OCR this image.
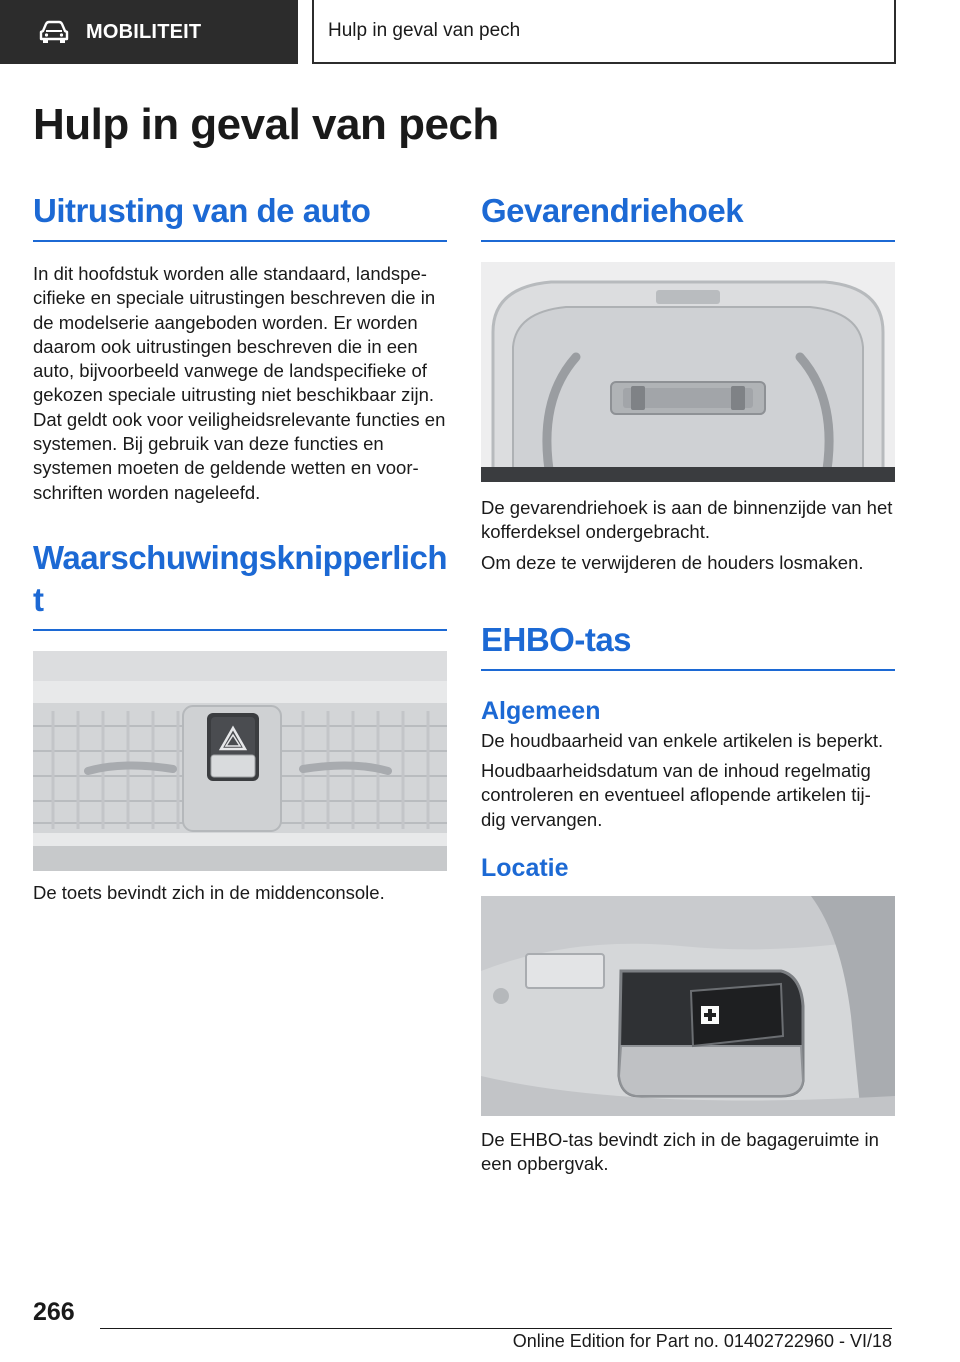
MOBILITEIT	Hulp in geval van pech
Hulp in geval van pech
Uitrusting van de auto

In dit hoofdstuk worden alle standaard, landspe-cifieke en speciale uitrustingen beschreven die in de modelserie aangeboden worden. Er worden daarom ook uitrustingen beschreven die in een auto, bijvoorbeeld vanwege de landspecifieke of gekozen speciale uitrusting niet beschikbaar zijn. Dat geldt ook voor veiligheidsrelevante functies en systemen. Bij gebruik van deze functies en systemen moeten de geldende wetten en voor-schriften worden nageleefd.

Waarschuwingsknipperlich
t

De toets bevindt zich in de middenconsole.

Gevarendriehoek

De gevarendriehoek is aan de binnenzijde van het kofferdeksel ondergebracht.

Om deze te verwijderen de houders losmaken.

EHBO-tas
Algemeen

De houdbaarheid van enkele artikelen is beperkt.

Houdbaarheidsdatum van de inhoud regelmatig controleren en eventueel aflopende artikelen tij-dig vervangen.

Locatie

De EHBO-tas bevindt zich in de bagageruimte in een opbergvak.

266
Online Edition for Part no. 01402722960 - VI/18
